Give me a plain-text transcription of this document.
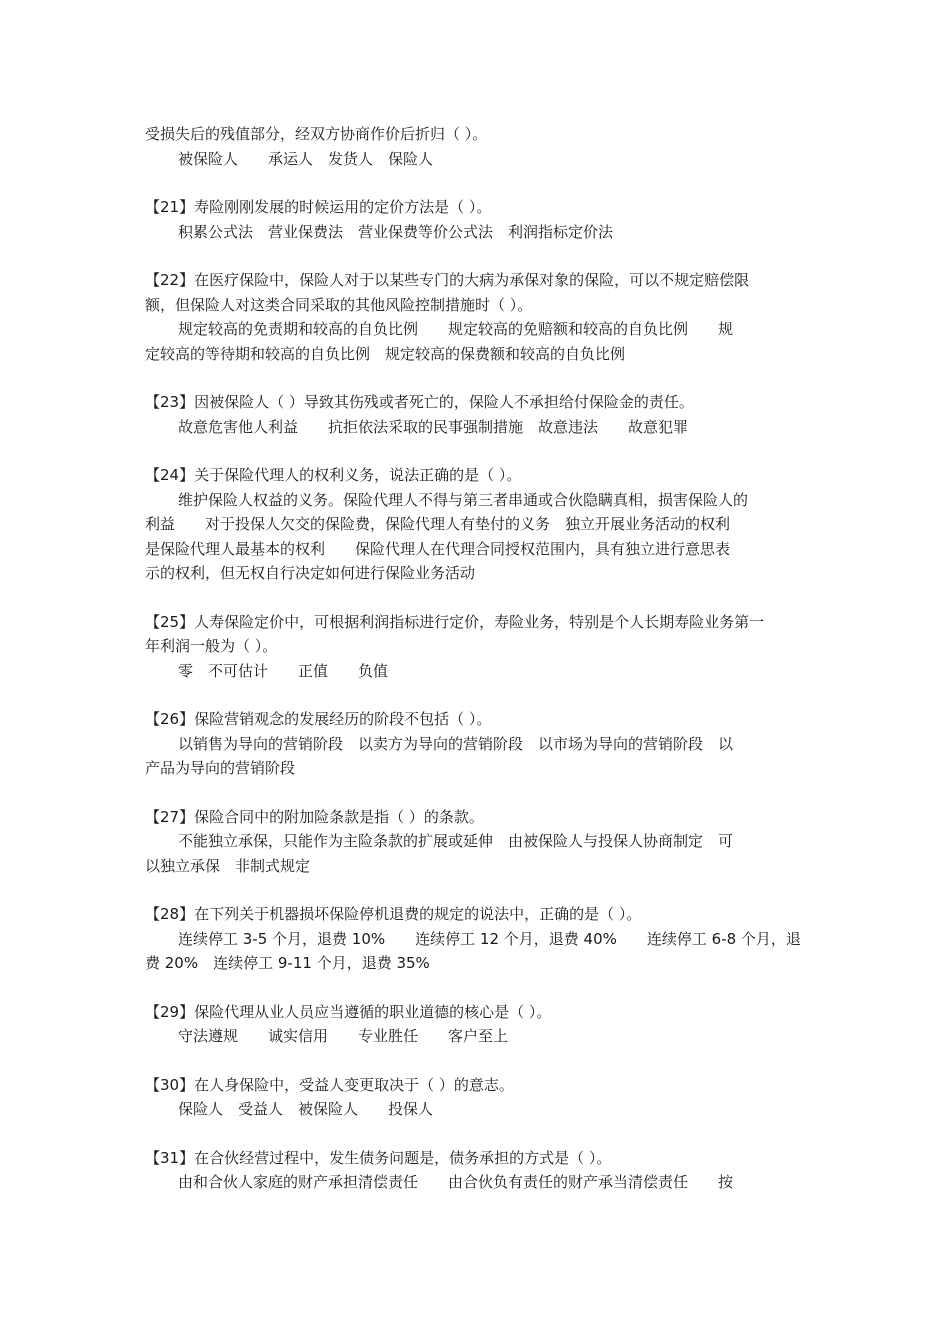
受损失后的残值部分，经双方协商作价后折归（ ）。

被保险人　　承运人　发货人　保险人

【21】寿险刚刚发展的时候运用的定价方法是（ ）。

积累公式法　营业保费法　营业保费等价公式法　利润指标定价法

【22】在医疗保险中，保险人对于以某些专门的大病为承保对象的保险，可以不规定赔偿限

额，但保险人对这类合同采取的其他风险控制措施时（ ）。

规定较高的免责期和较高的自负比例　　规定较高的免赔额和较高的自负比例　　规

定较高的等待期和较高的自负比例　规定较高的保费额和较高的自负比例

【23】因被保险人（ ）导致其伤残或者死亡的，保险人不承担给付保险金的责任。

故意危害他人利益　　抗拒依法采取的民事强制措施　故意违法　　故意犯罪

【24】关于保险代理人的权利义务，说法正确的是（ ）。

维护保险人权益的义务。保险代理人不得与第三者串通或合伙隐瞒真相，损害保险人的

利益　　对于投保人欠交的保险费，保险代理人有垫付的义务　独立开展业务活动的权利

是保险代理人最基本的权利　　保险代理人在代理合同授权范围内，具有独立进行意思表

示的权利，但无权自行决定如何进行保险业务活动

【25】人寿保险定价中，可根据利润指标进行定价，寿险业务，特别是个人长期寿险业务第一

年利润一般为（ ）。

零　不可估计　　正值　　负值

【26】保险营销观念的发展经历的阶段不包括（ ）。

以销售为导向的营销阶段　以卖方为导向的营销阶段　以市场为导向的营销阶段　以

产品为导向的营销阶段

【27】保险合同中的附加险条款是指（ ）的条款。

不能独立承保，只能作为主险条款的扩展或延伸　由被保险人与投保人协商制定　可

以独立承保　非制式规定

【28】在下列关于机器损坏保险停机退费的规定的说法中，正确的是（ ）。

连续停工 3-5 个月，退费 10%　　连续停工 12 个月，退费 40%　　连续停工 6-8 个月，退

费 20%　连续停工 9-11 个月，退费 35%

【29】保险代理从业人员应当遵循的职业道德的核心是（ ）。

守法遵规　　诚实信用　　专业胜任　　客户至上

【30】在人身保险中，受益人变更取决于（ ）的意志。

保险人　受益人　被保险人　　投保人

【31】在合伙经营过程中，发生债务问题是，债务承担的方式是（ ）。

由和合伙人家庭的财产承担清偿责任　　由合伙负有责任的财产承当清偿责任　　按
